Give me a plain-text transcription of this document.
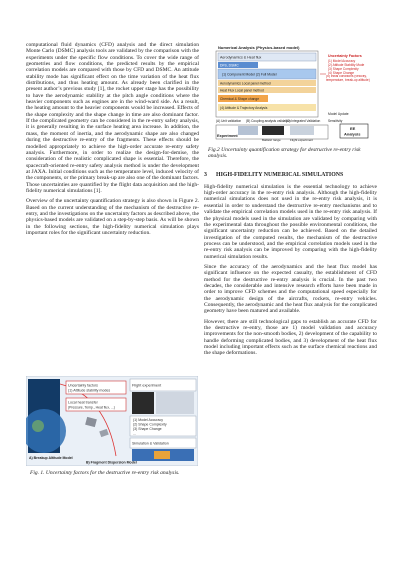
computational fluid dynamics (CFD) analysis and the direct simulation Monte Carlo (DSMC) analysis tools are validated by the comparison with the experiments under the specific flow conditions. To cover the wide range of geometries and flow conditions, the predicted results by the empirical correlation models are compared with those by CFD and DSMC. An attitude stability mode has significant effect on the time variation of the heat flux distributions, and thus heating amount. As already been clarified in the present author’s previous study [1], the rocket upper stage has the possibility to have the aerodynamic stability at the pitch angle conditions where the heavier components such as engines are in the wind-ward side. As a result, the heating amount to the heavier components would be increased. Effects of the shape complexity and the shape change in time are also dominant factor. If the complicated geometry can be considered in the re-entry safety analysis, it is generally resulting in the surface heating area increase. In addition, the mass, the moment of inertia, and the aerodynamic shape are also changed during the destructive re-entry of the fragments. These effects should be modelled appropriately to achieve the high-order accurate re-entry safety analysis. Furthermore, in order to realize the design-for-demise, the consideration of the realistic complicated shape is essential. Therefore, the spacecraft-oriented re-entry safety analysis method is under the development at JAXA. Initial conditions such as the temperature level, induced velocity of the components, or the primary break-up are also one of the dominant factors. Those uncertainties are quantified by the flight data acquisition and the high-fidelity numerical simulations [1].

Overview of the uncertainty quantification strategy is also shown in Figure 2. Based on the current understanding of the mechanism of the destructive re-entry, and the investigations on the uncertainty factors as described above, the physics-based models are validated on a step-by-step basis. As will be shown in the following sections, the high-fidelity numerical simulation plays important roles for the significant uncertainty reduction.

Uncertainty factors
(1) Attitude stability modes
Local heat transfer
(Pressure, Temp., Heat flux, ...)
Flight experiment
(1) Model Accuracy
(2) Shape Complexity
(3) Shape Change
...
Simulation & Validation
A) Breakup Altitude Model
B) Fragment Dispersion Model
Fig. 1. Uncertainty factors for the destructive re-entry risk analysis.
Numerical Analysis (Physics-based model)
Aerodynamics & Heat flux
DFS, DSMC
(1) Component Model (2) Full Model
Aerodynamics Local panel method
Heat Flux Local panel method
Chemical & Shape change
(4) Attitude & Trajectory Analysis
Model Update
Uncertainty Factors
(1) Model Accuracy
(2) Attitude Stability Mode
(3) Shape Complexity
(4) Shape Change
(5) Initial conditions (velocity, temperature, break-up altitude)
(A) Unit validation (B) Coupling analysis validation
(C) Integrated Validation Sensitivity
Experiment
Ballistic range	Flight experiment
EE
Analysis
Fig.2 Uncertainty quantification strategy for destructive re-entry risk analysis.
3 HIGH-FIDELITY NUMERICAL SIMULATIONS

High-fidelity numerical simulation is the essential technology to achieve high-order accuracy in the re-entry risk analysis. Although the high-fidelity numerical simulations does not used in the re-entry risk analysis, it is essential in order to understand the destructive re-entry mechanisms and to validate the empirical correlation models used in the re-entry risk analysis. If the physical models used in the simulation are validated by comparing with the experimental data throughout the possible environmental conditions, the significant uncertainty reduction can be achieved. Based on the detailed investigation of the computed results, the mechanism of the destructive process can be understood, and the empirical correlation models used in the re-entry risk analysis can be improved by comparing with the high-fidelity numerical simulation results.

Since the accuracy of the aerodynamics and the heat flux model has significant influence on the expected casualty, the establishment of CFD method for the destructive re-entry analysis is crucial. In the past two decades, the considerable and intensive research efforts have been made in order to improve CFD schemes and the computational speed especially for the aerodynamic design of the aircrafts, rockets, re-entry vehicles. Consequently, the aerodynamic and the heat flux analysis for the complicated geometry have been matured and available.

However, there are still technological gaps to establish an accurate CFD for the destructive re-entry, those are 1) model validation and accuracy improvements for the non-smooth bodies, 2) development of the capability to handle deforming complicated bodies, and 3) development of the heat flux model including important effects such as the surface chemical reactions and the shape deformations.
